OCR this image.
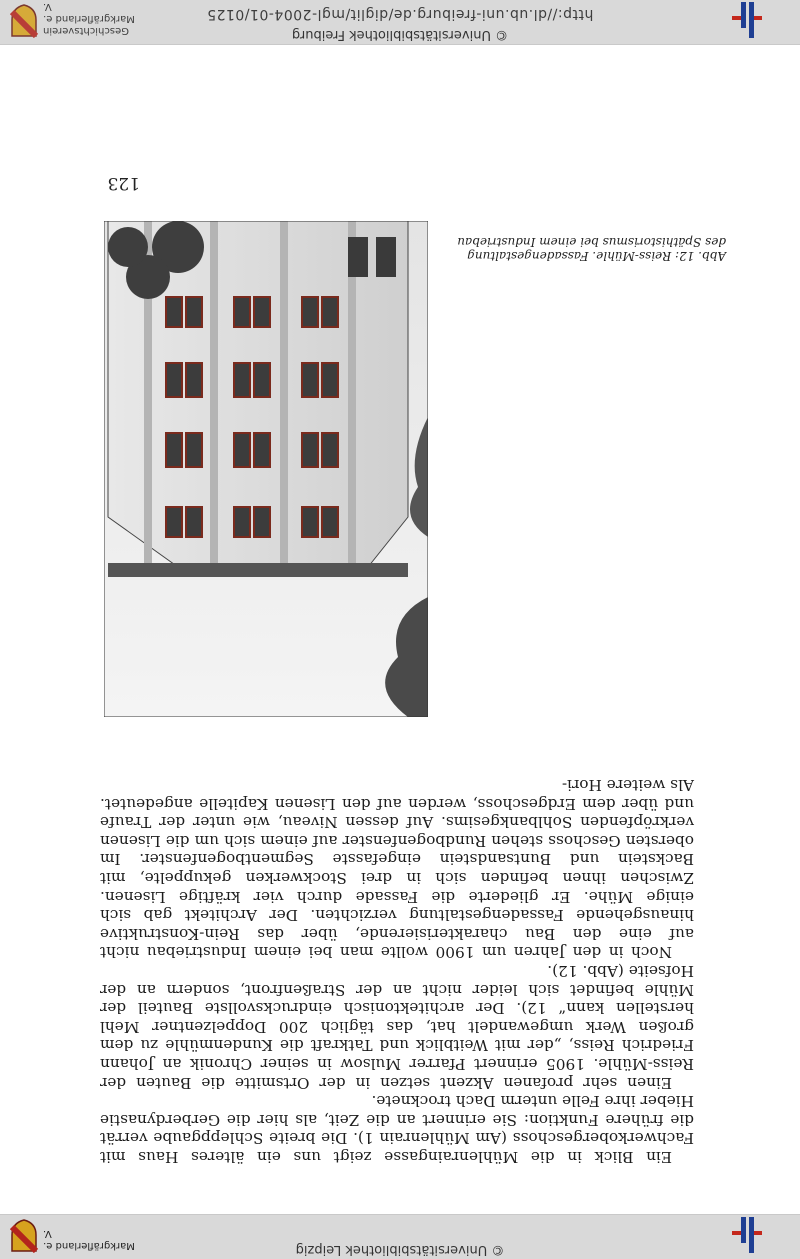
© Universitätsbibliothek Leipzig
Markgräflerland e. V.

Ein Blick in die Mühlenraingasse zeigt uns ein älteres Haus mit Fachwerkobergeschoss (Am Mühlenrain 1). Die breite Schleppgaube verrät die frühere Funktion: Sie erinnert an die Zeit, als hier die Gerberdynastie Hieber ihre Felle unterm Dach trocknete.

Einen sehr profanen Akzent setzen in der Ortsmitte die Bauten der Reiss-Mühle. 1905 erinnert Pfarrer Mulsow in seiner Chronik an Johann Friedrich Reiss, „der mit Weitblick und Tatkraft die Kundenmühle zu dem großen Werk umgewandelt hat, das täglich 200 Doppelzentner Mehl herstellen kann“ 12). Der architektonisch eindrucksvollste Bauteil der Mühle befindet sich leider nicht an der Straßenfront, sondern an der Hofseite (Abb. 12).

Noch in den Jahren um 1900 wollte man bei einem Industriebau nicht auf eine den Bau charakterisierende, über das Rein-Konstruktive hinausgehende Fassadengestaltung verzichten. Der Architekt gab sich einige Mühe. Er gliederte die Fassade durch vier kräftige Lisenen. Zwischen ihnen befinden sich in drei Stockwerken gekuppelte, mit Backstein und Buntsandstein eingefasste Segmentbogenfenster. Im obersten Geschoss stehen Rundbogenfenster auf einem sich um die Lisenen verkröpfenden Sohlbankgesims. Auf dessen Niveau, wie unter der Traufe und über dem Erdgeschoss, werden auf den Lisenen Kapitelle angedeutet. Als weitere Hori-

Abb. 12: Reiss-Mühle. Fassadengestaltung
des Späthistorismus bei einem Industriebau
123
© Universitätsbibliothek Freiburg
http://dl.ub.uni-freiburg.de/diglit/mgl-2004-01/0125
Geschichtsverein Markgräflerland e. V.
